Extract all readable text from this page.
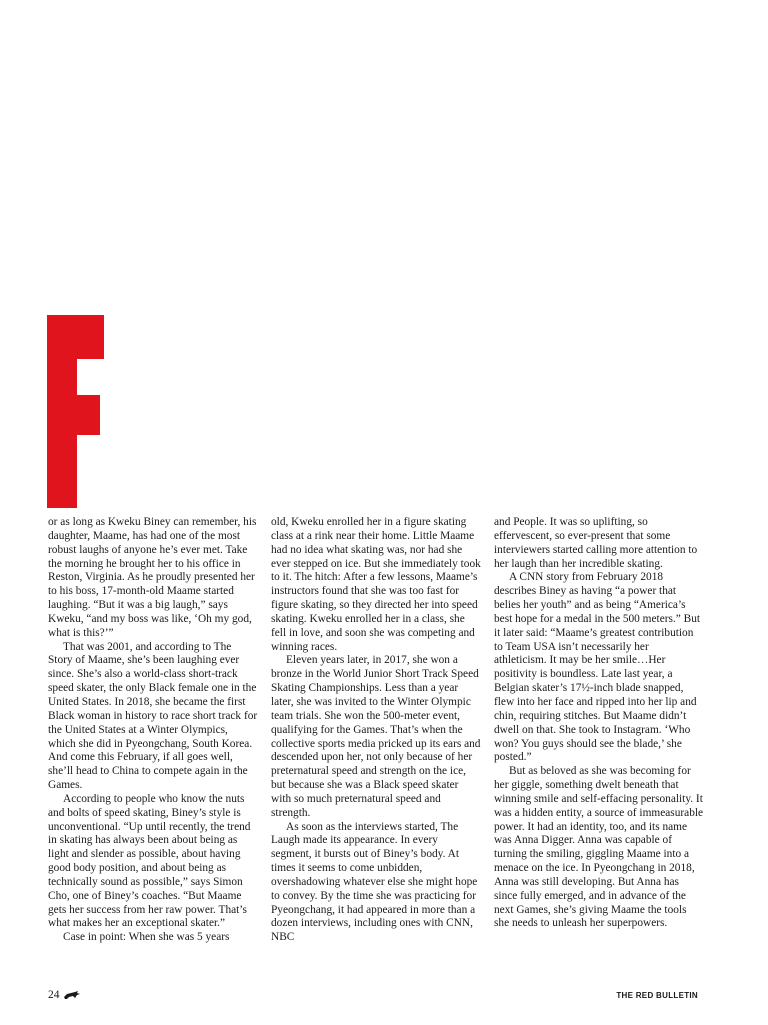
or as long as Kweku Biney can remember, his daughter, Maame, has had one of the most robust laughs of anyone he’s ever met. Take the morning he brought her to his office in Reston, Virginia. As he proudly presented her to his boss, 17-month-old Maame started laughing. “But it was a big laugh,” says Kweku, “and my boss was like, ‘Oh my god, what is this?’”

That was 2001, and according to The Story of Maame, she’s been laughing ever since. She’s also a world-class short-track speed skater, the only Black female one in the United States. In 2018, she became the first Black woman in history to race short track for the United States at a Winter Olympics, which she did in Pyeongchang, South Korea. And come this February, if all goes well, she’ll head to China to compete again in the Games.

According to people who know the nuts and bolts of speed skating, Biney’s style is unconventional. “Up until recently, the trend in skating has always been about being as light and slender as possible, about having good body position, and about being as technically sound as possible,” says Simon Cho, one of Biney’s coaches. “But Maame gets her success from her raw power. That’s what makes her an exceptional skater.”

Case in point: When she was 5 years

old, Kweku enrolled her in a figure skating class at a rink near their home. Little Maame had no idea what skating was, nor had she ever stepped on ice. But she immediately took to it. The hitch: After a few lessons, Maame’s instructors found that she was too fast for figure skating, so they directed her into speed skating. Kweku enrolled her in a class, she fell in love, and soon she was competing and winning races.

Eleven years later, in 2017, she won a bronze in the World Junior Short Track Speed Skating Championships. Less than a year later, she was invited to the Winter Olympic team trials. She won the 500-meter event, qualifying for the Games. That’s when the collective sports media pricked up its ears and descended upon her, not only because of her preternatural speed and strength on the ice, but because she was a Black speed skater with so much preternatural speed and strength.

As soon as the interviews started, The Laugh made its appearance. In every segment, it bursts out of Biney’s body. At times it seems to come unbidden, overshadowing whatever else she might hope to convey. By the time she was practicing for Pyeongchang, it had appeared in more than a dozen interviews, including ones with CNN, NBC

and People. It was so uplifting, so effervescent, so ever-present that some interviewers started calling more attention to her laugh than her incredible skating.

A CNN story from February 2018 describes Biney as having “a power that belies her youth” and as being “America’s best hope for a medal in the 500 meters.” But it later said: “Maame’s greatest contribution to Team USA isn’t necessarily her athleticism. It may be her smile…Her positivity is boundless. Late last year, a Belgian skater’s 17½-inch blade snapped, flew into her face and ripped into her lip and chin, requiring stitches. But Maame didn’t dwell on that. She took to Instagram. ‘Who won? You guys should see the blade,’ she posted.”

But as beloved as she was becoming for her giggle, something dwelt beneath that winning smile and self-effacing personality. It was a hidden entity, a source of immeasurable power. It had an identity, too, and its name was Anna Digger. Anna was capable of turning the smiling, giggling Maame into a menace on the ice. In Pyeongchang in 2018, Anna was still developing. But Anna has since fully emerged, and in advance of the next Games, she’s giving Maame the tools she needs to unleash her superpowers.

24	THE RED BULLETIN
